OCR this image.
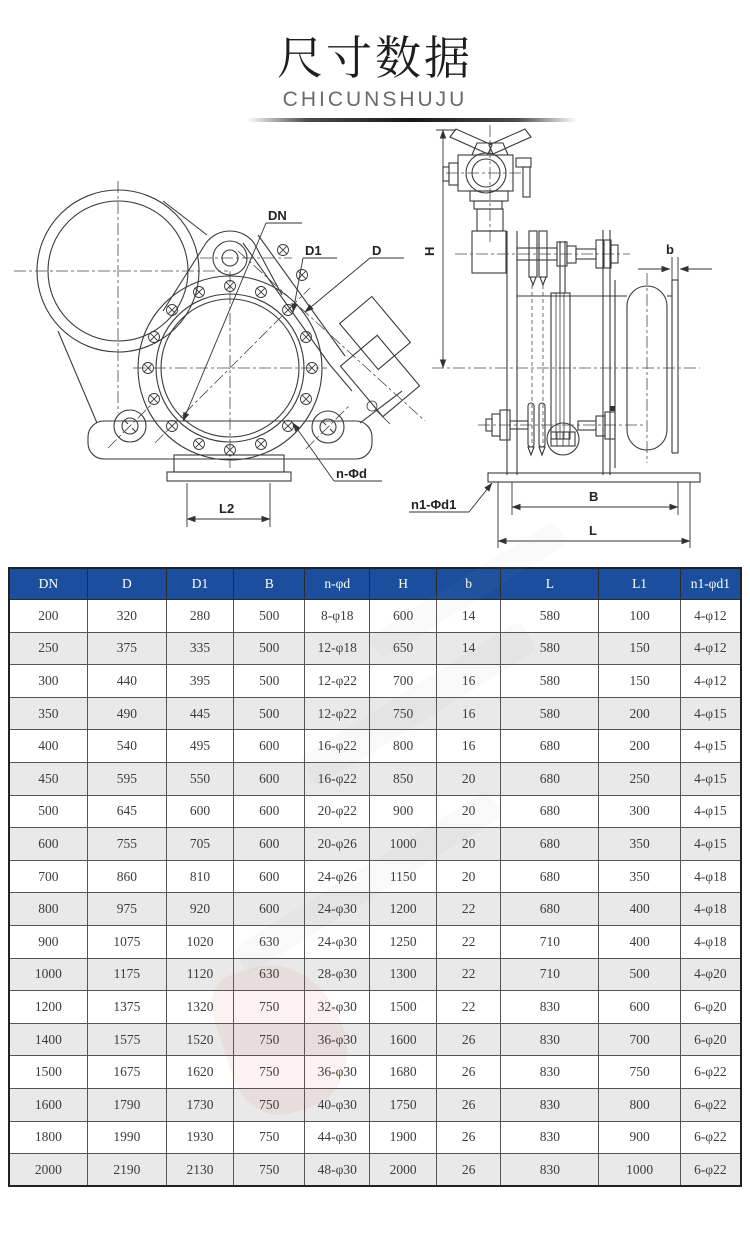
尺寸数据
CHICUNSHUJU
L2
DN
D1	D
n-Φd
H	b
B
L
n1-Φd1
DN	D	D1	B	n-φd	H	b	L	L1	n1-φd1
200	320	280	500	8-φ18	600	14	580	100	4-φ12
250	375	335	500	12-φ18	650	14	580	150	4-φ12
300	440	395	500	12-φ22	700	16	580	150	4-φ12
350	490	445	500	12-φ22	750	16	580	200	4-φ15
400	540	495	600	16-φ22	800	16	680	200	4-φ15
450	595	550	600	16-φ22	850	20	680	250	4-φ15
500	645	600	600	20-φ22	900	20	680	300	4-φ15
600	755	705	600	20-φ26	1000	20	680	350	4-φ15
700	860	810	600	24-φ26	1150	20	680	350	4-φ18
800	975	920	600	24-φ30	1200	22	680	400	4-φ18
900	1075	1020	630	24-φ30	1250	22	710	400	4-φ18
1000	1175	1120	630	28-φ30	1300	22	710	500	4-φ20
1200	1375	1320	750	32-φ30	1500	22	830	600	6-φ20
1400	1575	1520	750	36-φ30	1600	26	830	700	6-φ20
1500	1675	1620	750	36-φ30	1680	26	830	750	6-φ22
1600	1790	1730	750	40-φ30	1750	26	830	800	6-φ22
1800	1990	1930	750	44-φ30	1900	26	830	900	6-φ22
2000	2190	2130	750	48-φ30	2000	26	830	1000	6-φ22
